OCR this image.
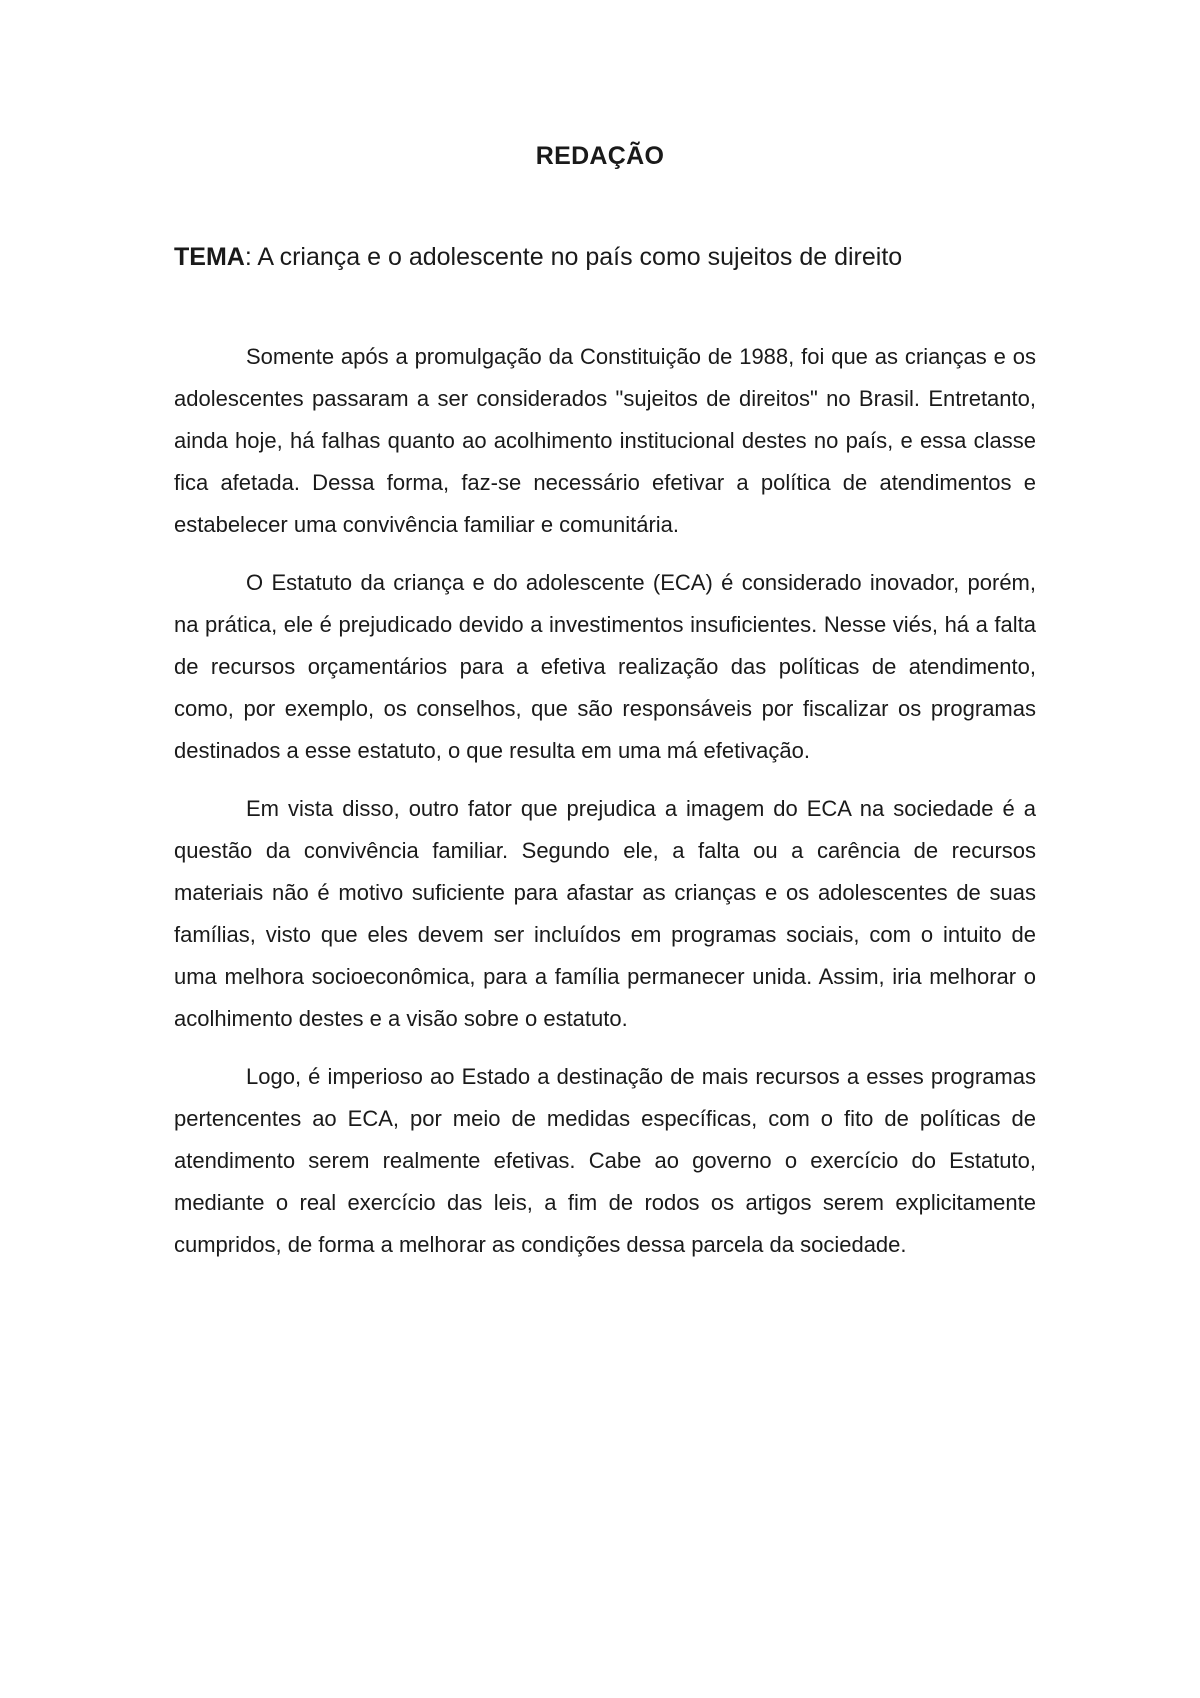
REDAÇÃO

TEMA: A criança e o adolescente no país como sujeitos de direito

Somente após a promulgação da Constituição de 1988, foi que as crianças e os adolescentes passaram a ser considerados "sujeitos de direitos" no Brasil. Entretanto, ainda hoje, há falhas quanto ao acolhimento institucional destes no país, e essa classe fica afetada. Dessa forma, faz-se necessário efetivar a política de atendimentos e estabelecer uma convivência familiar e comunitária.

O Estatuto da criança e do adolescente (ECA) é considerado inovador, porém, na prática, ele é prejudicado devido a investimentos insuficientes. Nesse viés, há a falta de recursos orçamentários para a efetiva realização das políticas de atendimento, como, por exemplo, os conselhos, que são responsáveis por fiscalizar os programas destinados a esse estatuto, o que resulta em uma má efetivação.

Em vista disso, outro fator que prejudica a imagem do ECA na sociedade é a questão da convivência familiar. Segundo ele, a falta ou a carência de recursos materiais não é motivo suficiente para afastar as crianças e os adolescentes de suas famílias, visto que eles devem ser incluídos em programas sociais, com o intuito de uma melhora socioeconômica, para a família permanecer unida. Assim, iria melhorar o acolhimento destes e a visão sobre o estatuto.

Logo, é imperioso ao Estado a destinação de mais recursos a esses programas pertencentes ao ECA, por meio de medidas específicas, com o fito de políticas de atendimento serem realmente efetivas. Cabe ao governo o exercício do Estatuto, mediante o real exercício das leis, a fim de rodos os artigos serem explicitamente cumpridos, de forma a melhorar as condições dessa parcela da sociedade.
